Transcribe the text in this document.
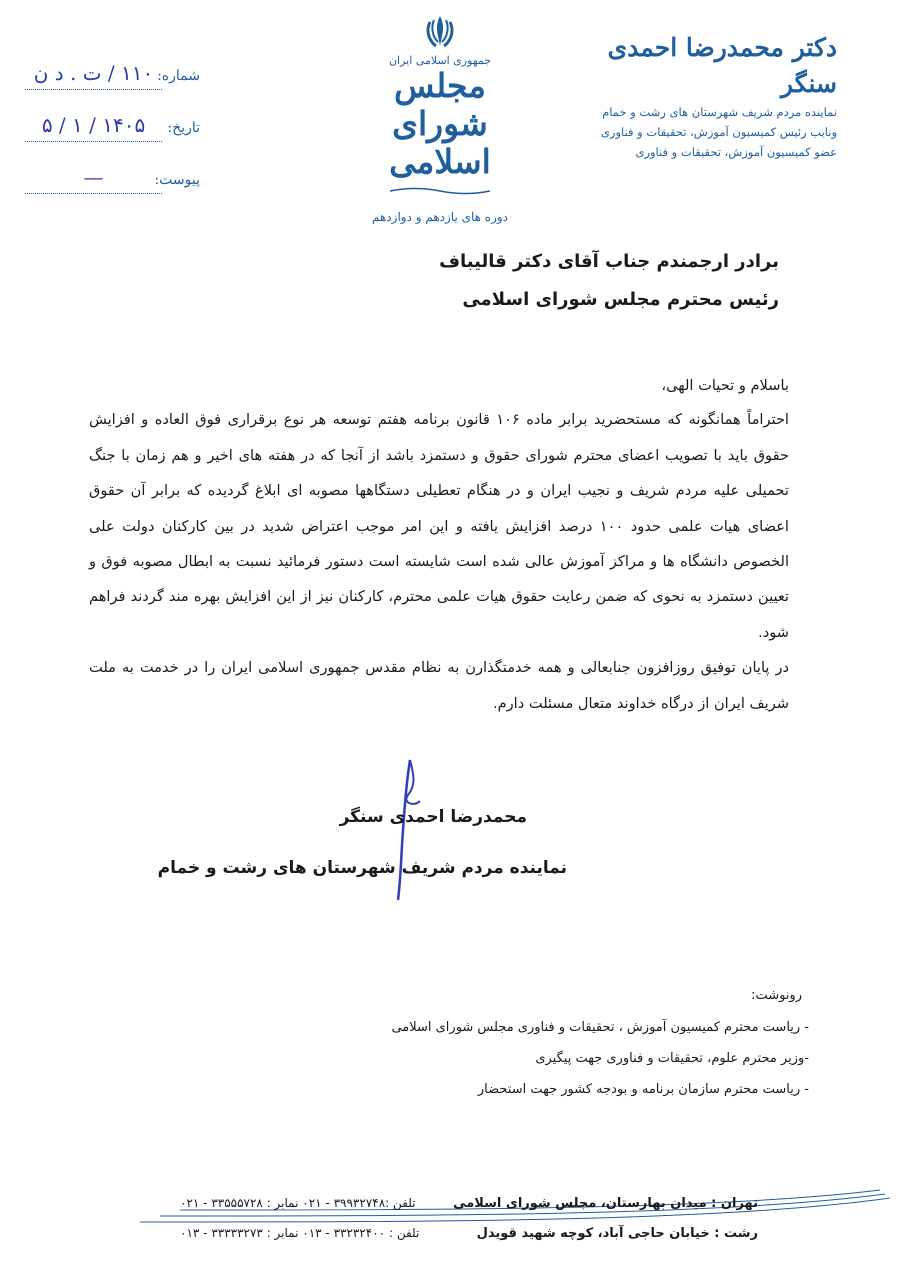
دکتر محمدرضا احمدی سنگر
نماینده مردم شریف شهرستان های رشت و خمام
ونایب رئیس کمیسیون آموزش، تحقیقات و فناوری
عضو کمیسیون آموزش، تحقیقات و فناوری
جمهوری اسلامی ایران
مجلس شورای اسلامی
دوره های یازدهم و دوازدهم
شماره:
۱۱۰ / ت . د ن
تاریخ:
۱۴۰۵ / ۱ / ۵
پیوست:
—
برادر ارجمندم جناب آقای دکتر قالیباف
رئیس محترم مجلس شورای اسلامی

باسلام و تحیات الهی،

احتراماً همانگونه که مستحضرید برابر ماده ۱۰۶ قانون برنامه هفتم توسعه هر نوع برقراری فوق العاده و افزایش حقوق باید با تصویب اعضای محترم شورای حقوق و دستمزد باشد از آنجا که در هفته های اخیر و هم زمان با جنگ تحمیلی علیه مردم شریف و نجیب ایران و در هنگام تعطیلی دستگاهها مصوبه ای ابلاغ گردیده که برابر آن حقوق اعضای هیات علمی حدود ۱۰۰ درصد افزایش یافته و این امر موجب اعتراض شدید در بین کارکنان دولت علی الخصوص دانشگاه ها و مراکز آموزش عالی شده است شایسته است دستور فرمائید نسبت به ابطال مصوبه فوق و تعیین دستمزد به نحوی که ضمن رعایت حقوق هیات علمی محترم، کارکنان نیز از این افزایش بهره مند گردند فراهم شود.

در پایان توفیق روزافزون جنابعالی و همه خدمتگذارن به نظام مقدس جمهوری اسلامی ایران را در خدمت به ملت شریف ایران از درگاه خداوند متعال مسئلت دارم.

محمدرضا احمدی سنگر
نماینده مردم شریف شهرستان های رشت و خمام
رونوشت:
- ریاست محترم کمیسیون آموزش ، تحقیقات و فناوری مجلس شورای اسلامی
-وزیر محترم علوم، تحقیقات و فناوری جهت پیگیری
- ریاست محترم سازمان برنامه و بودجه کشور جهت استحضار
تهران : میدان بهارستان، مجلس شورای اسلامی
تلفن :۳۹۹۳۲۷۴۸ - ۰۲۱ نمابر : ۳۳۵۵۵۷۲۸ - ۰۲۱
رشت : خیابان حاجی آباد، کوچه شهید قویدل
تلفن : ۳۳۲۳۲۴۰۰ - ۰۱۳ نمابر : ۳۳۳۳۳۲۷۳ - ۰۱۳
